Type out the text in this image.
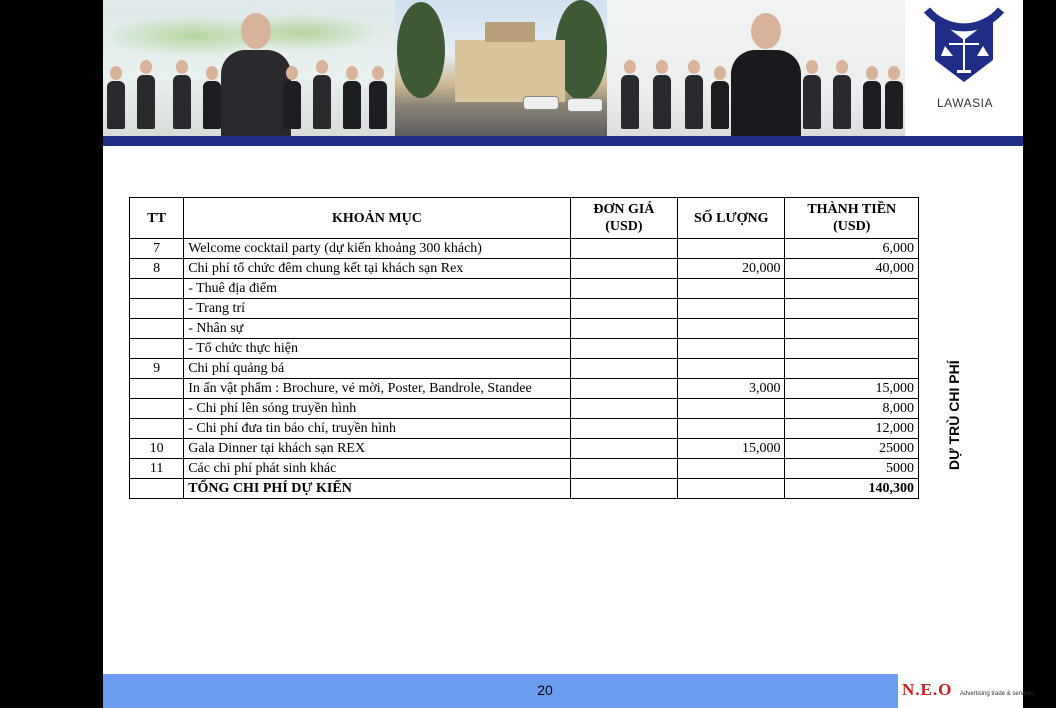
LAWASIA
TT	KHOẢN MỤC	ĐƠN GIÁ (USD)	SỐ LƯỢNG	THÀNH TIỀN (USD)
7	Welcome cocktail party (dự kiến khoảng 300 khách)			6,000
8	Chi phí tổ chức đêm chung kết tại khách sạn Rex		20,000	40,000
	- Thuê địa điểm			
	- Trang trí			
	- Nhân sự			
	- Tổ chức thực hiện			
9	Chi phí quảng bá			
	In ấn vật phẩm : Brochure, vé mời, Poster, Bandrole, Standee		3,000	15,000
	- Chi phí lên sóng truyền hình			8,000
	- Chi phí đưa tin báo chí, truyền hình			12,000
10	Gala Dinner tại khách sạn REX		15,000	25000
11	Các chi phí phát sinh khác			5000
	TỔNG CHI PHÍ DỰ KIẾN			140,300
DỰ TRÙ CHI PHÍ
20	N.E.O Advertising trade & services
